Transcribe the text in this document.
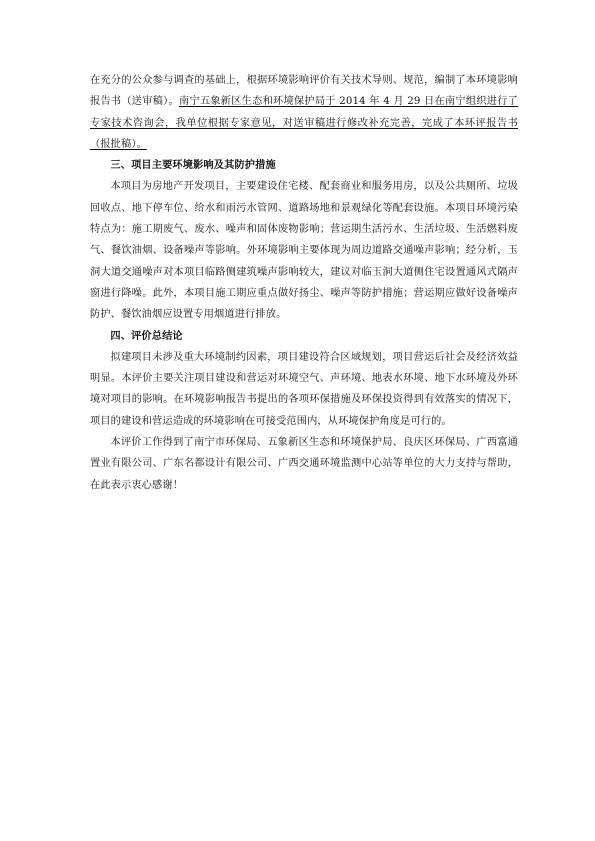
在充分的公众参与调查的基础上，根据环境影响评价有关技术导则、规范，编制了本环境影响报告书（送审稿）。南宁五象新区生态和环境保护局于 2014 年 4 月 29 日在南宁组织进行了专家技术咨询会，我单位根据专家意见，对送审稿进行修改补充完善，完成了本环评报告书（报批稿）。

三、项目主要环境影响及其防护措施

本项目为房地产开发项目，主要建设住宅楼、配套商业和服务用房，以及公共厕所、垃圾回收点、地下停车位、给水和雨污水管网、道路场地和景观绿化等配套设施。本项目环境污染特点为：施工期废气、废水、噪声和固体废物影响；营运期生活污水、生活垃圾、生活燃料废气、餐饮油烟、设备噪声等影响。外环境影响主要体现为周边道路交通噪声影响；经分析，玉洞大道交通噪声对本项目临路侧建筑噪声影响较大，建议对临玉洞大道侧住宅设置通风式隔声窗进行降噪。此外，本项目施工期应重点做好扬尘、噪声等防护措施；营运期应做好设备噪声防护、餐饮油烟应设置专用烟道进行排放。

四、评价总结论

拟建项目未涉及重大环境制约因素，项目建设符合区域规划，项目营运后社会及经济效益明显。本评价主要关注项目建设和营运对环境空气、声环境、地表水环境、地下水环境及外环境对项目的影响。在环境影响报告书提出的各项环保措施及环保投资得到有效落实的情况下，项目的建设和营运造成的环境影响在可接受范围内，从环境保护角度是可行的。

本评价工作得到了南宁市环保局、五象新区生态和环境保护局、良庆区环保局、广西富通置业有限公司、广东名都设计有限公司、广西交通环境监测中心站等单位的大力支持与帮助，在此表示衷心感谢！
